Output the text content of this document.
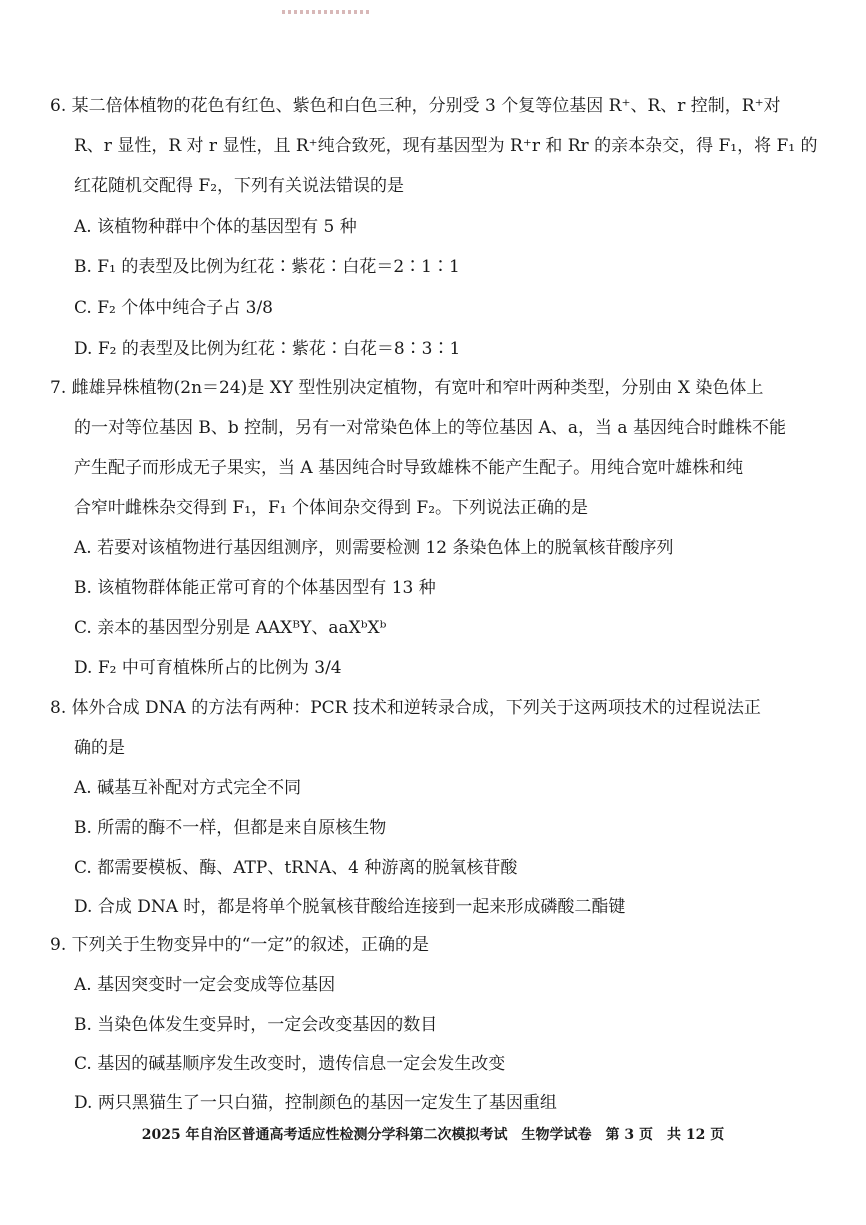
6. 某二倍体植物的花色有红色、紫色和白色三种，分别受 3 个复等位基因 R⁺、R、r 控制，R⁺对
R、r 显性，R 对 r 显性，且 R⁺纯合致死，现有基因型为 R⁺r 和 Rr 的亲本杂交，得 F₁，将 F₁ 的
红花随机交配得 F₂，下列有关说法错误的是
A. 该植物种群中个体的基因型有 5 种
B. F₁ 的表型及比例为红花∶紫花∶白花＝2∶1∶1
C. F₂ 个体中纯合子占 3/8
D. F₂ 的表型及比例为红花∶紫花∶白花＝8∶3∶1
7. 雌雄异株植物(2n＝24)是 XY 型性别决定植物，有宽叶和窄叶两种类型，分别由 X 染色体上
的一对等位基因 B、b 控制，另有一对常染色体上的等位基因 A、a，当 a 基因纯合时雌株不能
产生配子而形成无子果实，当 A 基因纯合时导致雄株不能产生配子。用纯合宽叶雄株和纯
合窄叶雌株杂交得到 F₁，F₁ 个体间杂交得到 F₂。下列说法正确的是
A. 若要对该植物进行基因组测序，则需要检测 12 条染色体上的脱氧核苷酸序列
B. 该植物群体能正常可育的个体基因型有 13 种
C. 亲本的基因型分别是 AAXᴮY、aaXᵇXᵇ
D. F₂ 中可育植株所占的比例为 3/4
8. 体外合成 DNA 的方法有两种：PCR 技术和逆转录合成，下列关于这两项技术的过程说法正
确的是
A. 碱基互补配对方式完全不同
B. 所需的酶不一样，但都是来自原核生物
C. 都需要模板、酶、ATP、tRNA、4 种游离的脱氧核苷酸
D. 合成 DNA 时，都是将单个脱氧核苷酸给连接到一起来形成磷酸二酯键
9. 下列关于生物变异中的“一定”的叙述，正确的是
A. 基因突变时一定会变成等位基因
B. 当染色体发生变异时，一定会改变基因的数目
C. 基因的碱基顺序发生改变时，遗传信息一定会发生改变
D. 两只黑猫生了一只白猫，控制颜色的基因一定发生了基因重组
2025 年自治区普通高考适应性检测分学科第二次模拟考试　生物学试卷　第 3 页　共 12 页
